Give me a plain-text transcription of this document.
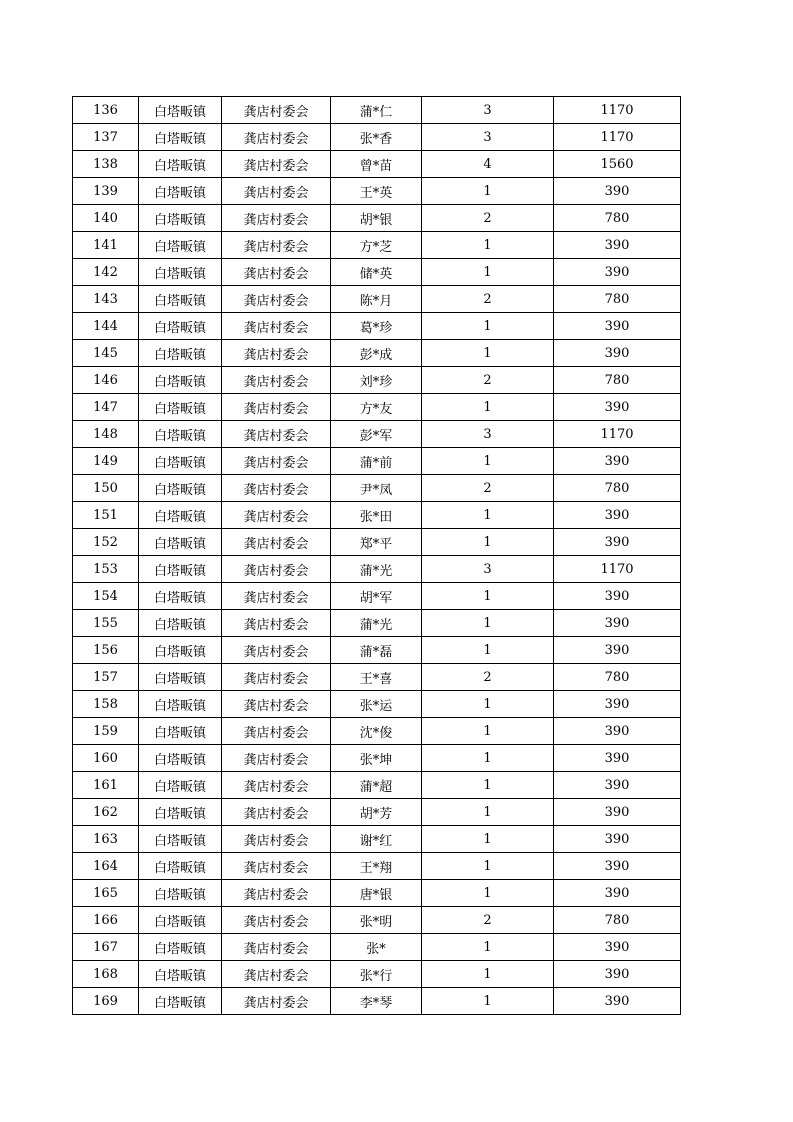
136	白塔畈镇	龚店村委会	蒲*仁	3	1170
137	白塔畈镇	龚店村委会	张*香	3	1170
138	白塔畈镇	龚店村委会	曾*苗	4	1560
139	白塔畈镇	龚店村委会	王*英	1	390
140	白塔畈镇	龚店村委会	胡*银	2	780
141	白塔畈镇	龚店村委会	方*芝	1	390
142	白塔畈镇	龚店村委会	储*英	1	390
143	白塔畈镇	龚店村委会	陈*月	2	780
144	白塔畈镇	龚店村委会	葛*珍	1	390
145	白塔畈镇	龚店村委会	彭*成	1	390
146	白塔畈镇	龚店村委会	刘*珍	2	780
147	白塔畈镇	龚店村委会	方*友	1	390
148	白塔畈镇	龚店村委会	彭*军	3	1170
149	白塔畈镇	龚店村委会	蒲*前	1	390
150	白塔畈镇	龚店村委会	尹*凤	2	780
151	白塔畈镇	龚店村委会	张*田	1	390
152	白塔畈镇	龚店村委会	郑*平	1	390
153	白塔畈镇	龚店村委会	蒲*光	3	1170
154	白塔畈镇	龚店村委会	胡*军	1	390
155	白塔畈镇	龚店村委会	蒲*光	1	390
156	白塔畈镇	龚店村委会	蒲*磊	1	390
157	白塔畈镇	龚店村委会	王*喜	2	780
158	白塔畈镇	龚店村委会	张*运	1	390
159	白塔畈镇	龚店村委会	沈*俊	1	390
160	白塔畈镇	龚店村委会	张*坤	1	390
161	白塔畈镇	龚店村委会	蒲*超	1	390
162	白塔畈镇	龚店村委会	胡*芳	1	390
163	白塔畈镇	龚店村委会	谢*红	1	390
164	白塔畈镇	龚店村委会	王*翔	1	390
165	白塔畈镇	龚店村委会	唐*银	1	390
166	白塔畈镇	龚店村委会	张*明	2	780
167	白塔畈镇	龚店村委会	张*	1	390
168	白塔畈镇	龚店村委会	张*行	1	390
169	白塔畈镇	龚店村委会	李*琴	1	390
